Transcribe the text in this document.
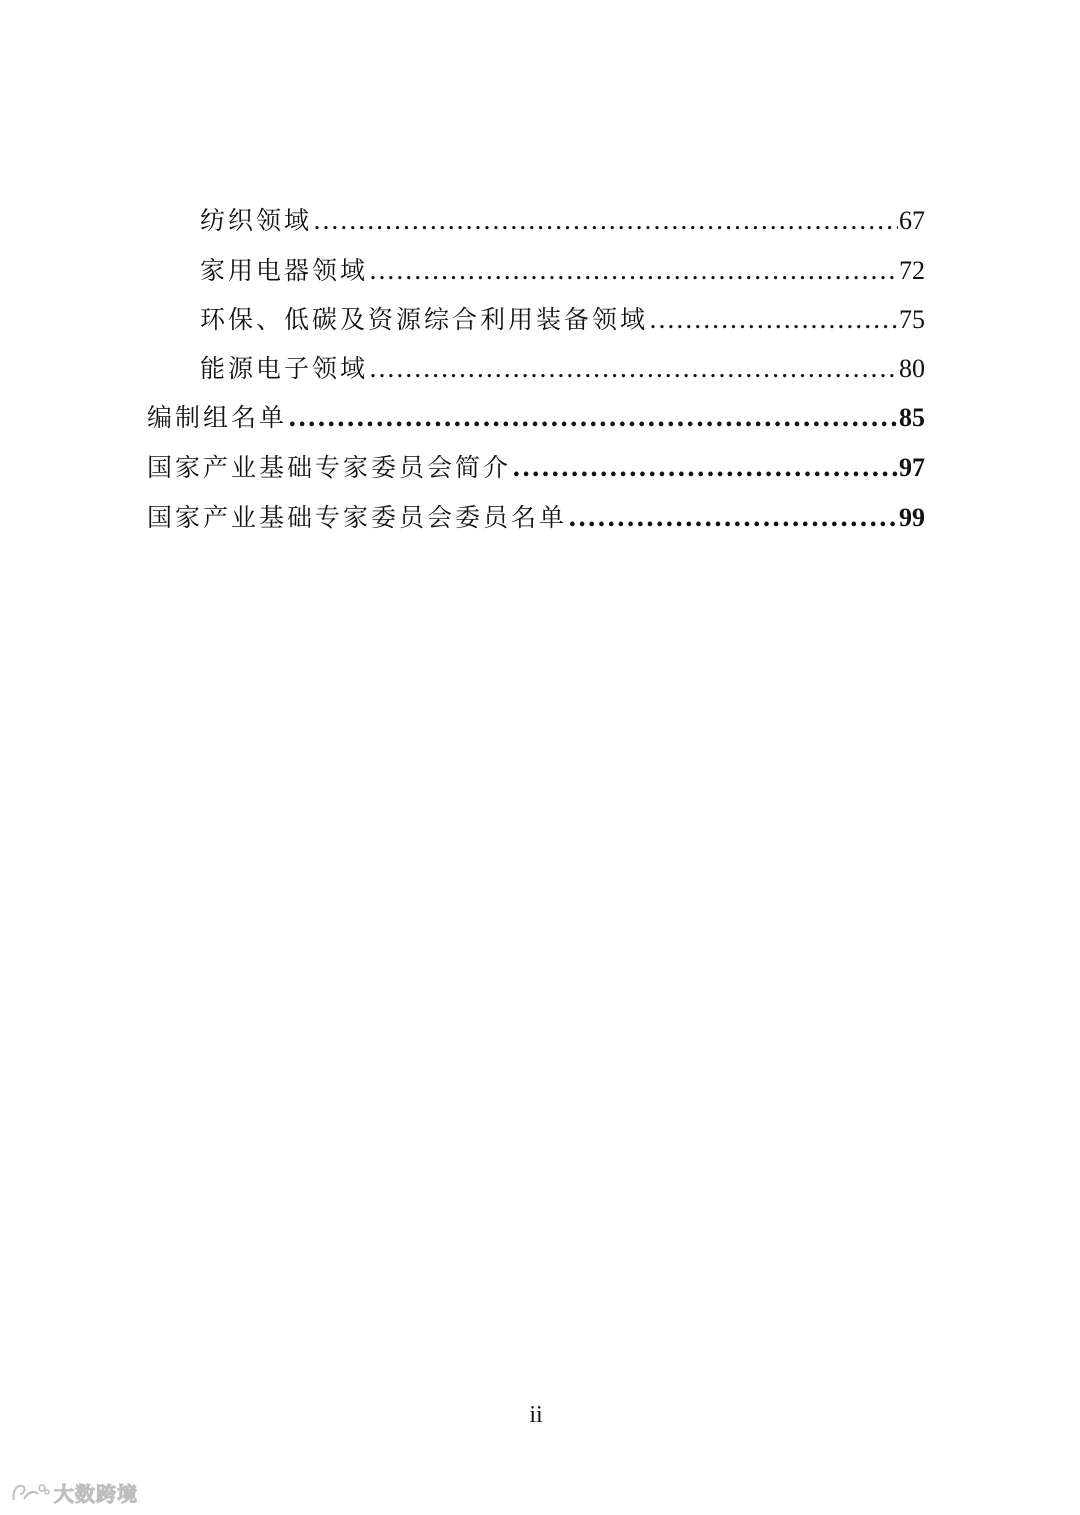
纺织领域 .....	67
家用电器领域 .....	72
环保、低碳及资源综合利用装备领域 .....	75
能源电子领域 .....	80
编制组名单 .....	85
国家产业基础专家委员会简介 .....	97
国家产业基础专家委员会委员名单 .....	99
ii
大数跨境
